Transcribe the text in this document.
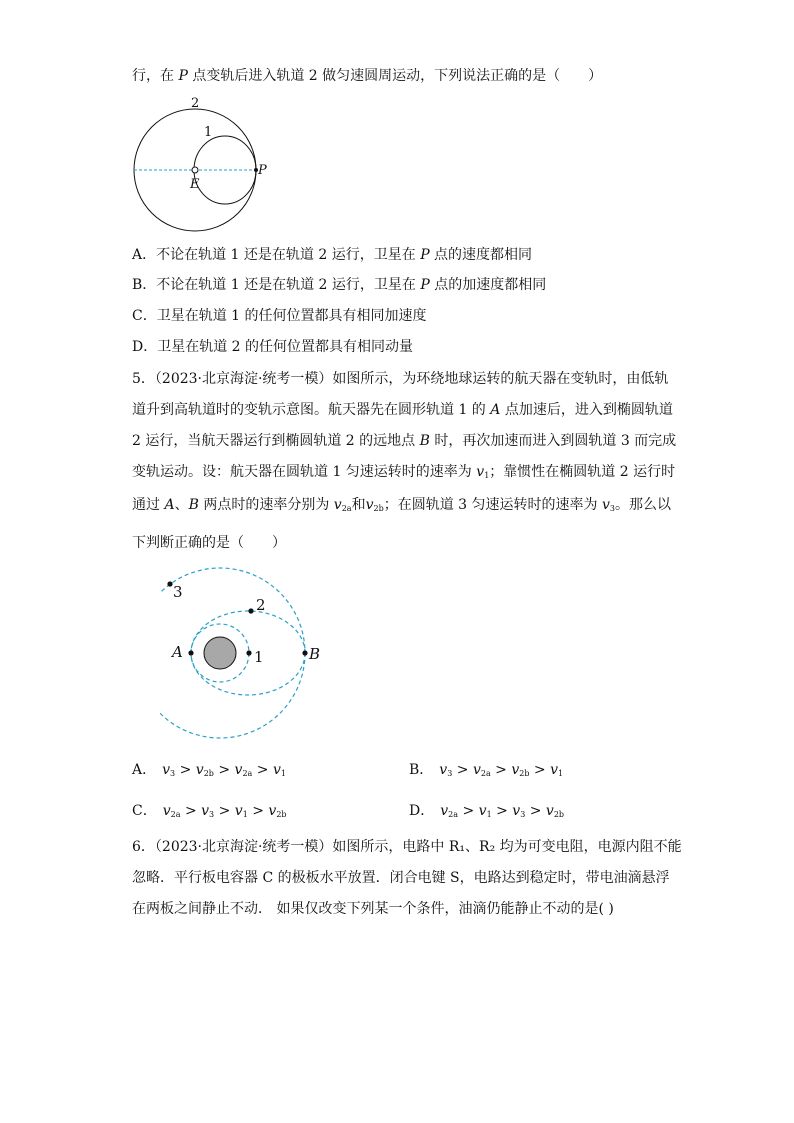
行，在 P 点变轨后进入轨道 2 做匀速圆周运动，下列说法正确的是（　　）
2
1
E
P
A．不论在轨道 1 还是在轨道 2 运行，卫星在 P 点的速度都相同
B．不论在轨道 1 还是在轨道 2 运行，卫星在 P 点的加速度都相同
C．卫星在轨道 1 的任何位置都具有相同加速度
D．卫星在轨道 2 的任何位置都具有相同动量
5．（2023·北京海淀·统考一模）如图所示，为环绕地球运转的航天器在变轨时，由低轨
道升到高轨道时的变轨示意图。航天器先在圆形轨道 1 的 A 点加速后，进入到椭圆轨道
2 运行，当航天器运行到椭圆轨道 2 的远地点 B 时，再次加速而进入到圆轨道 3 而完成
变轨运动。设：航天器在圆轨道 1 匀速运转时的速率为 $v_1$；靠惯性在椭圆轨道 2 运行时
通过 A、B 两点时的速率分别为 $v_{2a}$和$v_{2b}$；在圆轨道 3 匀速运转时的速率为 $v_3$。那么以
下判断正确的是（　　）
3
2
1
A	B
A． $v_3 > v_{2b} > v_{2a} > v_1$	B． $v_3 > v_{2a} > v_{2b} > v_1$
C． $v_{2a} > v_3 > v_1 > v_{2b}$	D． $v_{2a} > v_1 > v_3 > v_{2b}$
6．（2023·北京海淀·统考一模）如图所示，电路中 R₁、R₂ 均为可变电阻，电源内阻不能
忽略．平行板电容器 C 的极板水平放置．闭合电键 S，电路达到稳定时，带电油滴悬浮
在两板之间静止不动． 如果仅改变下列某一个条件，油滴仍能静止不动的是( )
